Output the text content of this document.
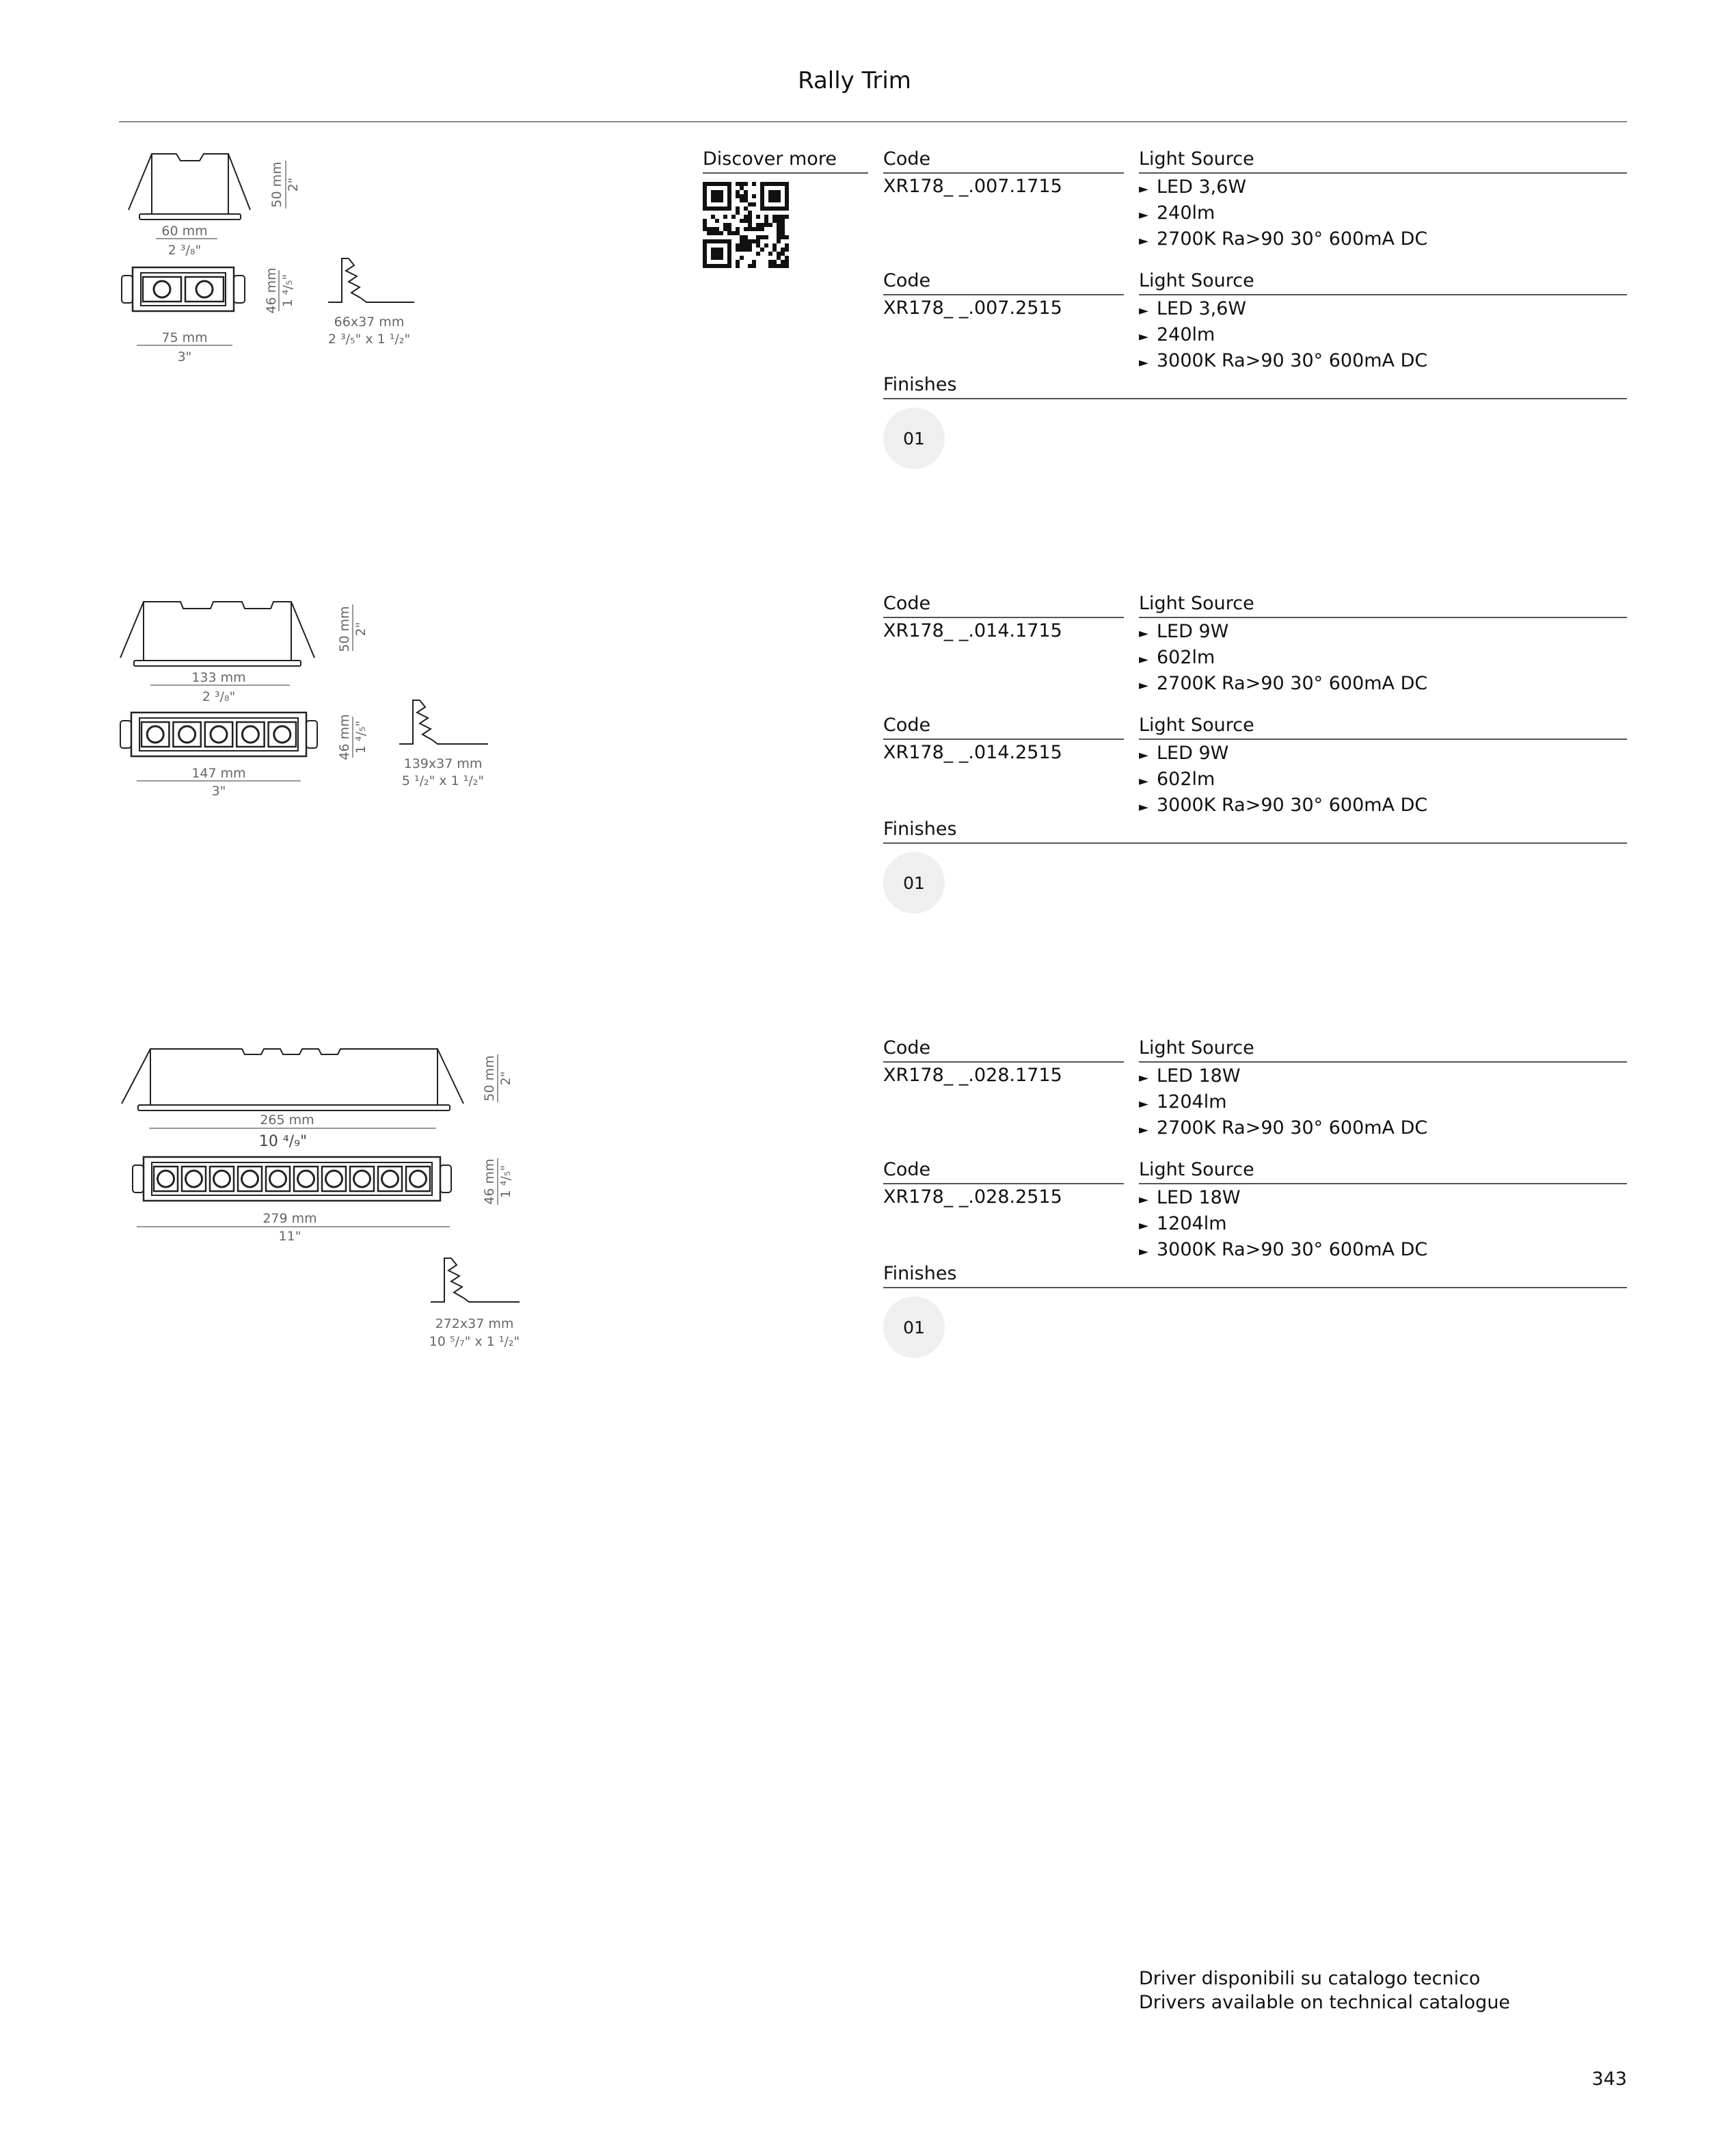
Rally Trim
60 mm
2 ³/₈"
50 mm 2"
75 mm
3"
46 mm 1 ⁴/₅"
66x37 mm
2 ³/₅" x 1 ¹/₂"
133 mm
2 ³/₈"
50 mm 2"
147 mm
3"
46 mm 1 ⁴/₅"
139x37 mm
5 ¹/₂" x 1 ¹/₂"
265 mm
10 ⁴/₉"
50 mm 2"
279 mm
11"
46 mm 1 ⁴/₅"
272x37 mm
10 ⁵/₇" x 1 ¹/₂"
Discover more	Code	Light Source
XR178_ _.007.1715	► LED 3,6W
► 240lm
► 2700K Ra>90 30° 600mA DC
Code	Light Source
XR178_ _.007.2515	► LED 3,6W
► 240lm
► 3000K Ra>90 30° 600mA DC
Finishes
01
Code	Light Source
XR178_ _.014.1715	► LED 9W
► 602lm
► 2700K Ra>90 30° 600mA DC
Code	Light Source
XR178_ _.014.2515	► LED 9W
► 602lm
► 3000K Ra>90 30° 600mA DC
Finishes
01
Code	Light Source
XR178_ _.028.1715	► LED 18W
► 1204lm
► 2700K Ra>90 30° 600mA DC
Code	Light Source
XR178_ _.028.2515	► LED 18W
► 1204lm
► 3000K Ra>90 30° 600mA DC
Finishes
01
Driver disponibili su catalogo tecnico
Drivers available on technical catalogue
343
